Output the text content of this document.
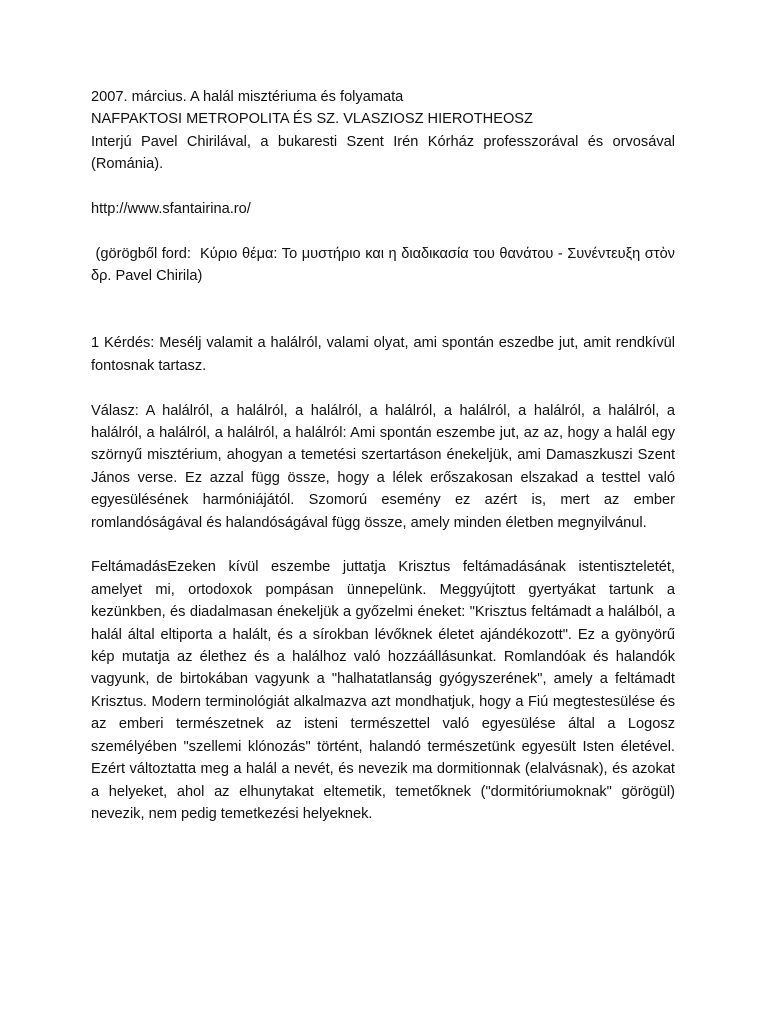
2007. március. A halál misztériuma és folyamata
NAFPAKTOSI METROPOLITA ÉS SZ. VLASZIOSZ HIEROTHEOSZ
Interjú Pavel Chirilával, a bukaresti Szent Irén Kórház professzorával és orvosával (Románia).
http://www.sfantairina.ro/
(görögből ford:  Κύριο θέμα: Το μυστήριο και η διαδικασία του θανάτου - Συνέντευξη στὸν δρ. Pavel Chirila)
1 Kérdés: Mesélj valamit a halálról, valami olyat, ami spontán eszedbe jut, amit rendkívül fontosnak tartasz.
Válasz: A halálról, a halálról, a halálról, a halálról, a halálról, a halálról, a halálról, a halálról, a halálról, a halálról, a halálról: Ami spontán eszembe jut, az az, hogy a halál egy szörnyű misztérium, ahogyan a temetési szertartáson énekeljük, ami Damaszkuszi Szent János verse. Ez azzal függ össze, hogy a lélek erőszakosan elszakad a testtel való egyesülésének harmóniájától. Szomorú esemény ez azért is, mert az ember romlandóságával és halandóságával függ össze, amely minden életben megnyilvánul.
FeltámadásEzeken kívül eszembe juttatja Krisztus feltámadásának istentiszteletét, amelyet mi, ortodoxok pompásan ünnepelünk. Meggyújtott gyertyákat tartunk a kezünkben, és diadalmasan énekeljük a győzelmi éneket: "Krisztus feltámadt a halálból, a halál által eltiporta a halált, és a sírokban lévőknek életet ajándékozott". Ez a gyönyörű kép mutatja az élethez és a halálhoz való hozzáállásunkat. Romlandóak és halandók vagyunk, de birtokában vagyunk a "halhatatlanság gyógyszerének", amely a feltámadt Krisztus. Modern terminológiát alkalmazva azt mondhatjuk, hogy a Fiú megtestesülése és az emberi természetnek az isteni természettel való egyesülése által a Logosz személyében "szellemi klónozás" történt, halandó természetünk egyesült Isten életével. Ezért változtatta meg a halál a nevét, és nevezik ma dormitionnak (elalvásnak), és azokat a helyeket, ahol az elhunytakat eltemetik, temetőknek ("dormitóriumoknak" görögül) nevezik, nem pedig temetkezési helyeknek.
